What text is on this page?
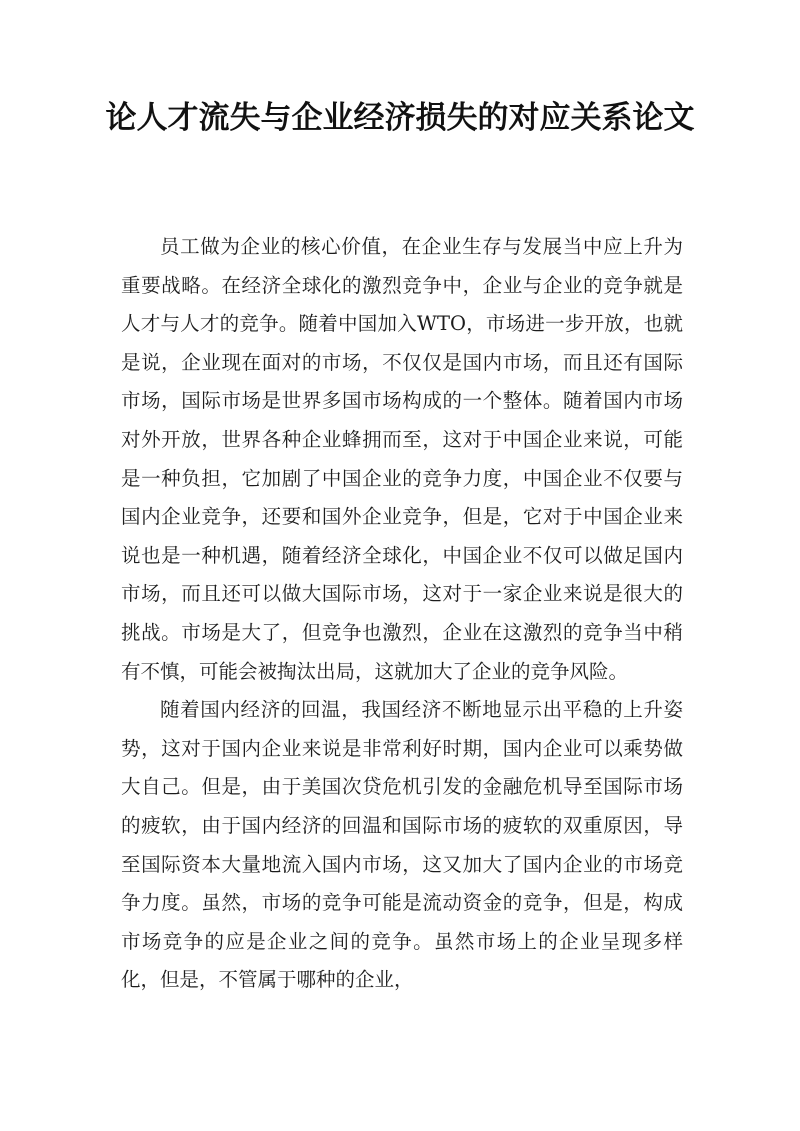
论人才流失与企业经济损失的对应关系论文

员工做为企业的核心价值，在企业生存与发展当中应上升为重要战略。在经济全球化的激烈竞争中，企业与企业的竞争就是人才与人才的竞争。随着中国加入WTO，市场进一步开放，也就是说，企业现在面对的市场，不仅仅是国内市场，而且还有国际市场，国际市场是世界多国市场构成的一个整体。随着国内市场对外开放，世界各种企业蜂拥而至，这对于中国企业来说，可能是一种负担，它加剧了中国企业的竞争力度，中国企业不仅要与国内企业竞争，还要和国外企业竞争，但是，它对于中国企业来说也是一种机遇，随着经济全球化，中国企业不仅可以做足国内市场，而且还可以做大国际市场，这对于一家企业来说是很大的挑战。市场是大了，但竞争也激烈，企业在这激烈的竞争当中稍有不慎，可能会被掏汰出局，这就加大了企业的竞争风险。

随着国内经济的回温，我国经济不断地显示出平稳的上升姿势，这对于国内企业来说是非常利好时期，国内企业可以乘势做大自己。但是，由于美国次贷危机引发的金融危机导至国际市场的疲软，由于国内经济的回温和国际市场的疲软的双重原因，导至国际资本大量地流入国内市场，这又加大了国内企业的市场竞争力度。虽然，市场的竞争可能是流动资金的竞争，但是，构成市场竞争的应是企业之间的竞争。虽然市场上的企业呈现多样化，但是，不管属于哪种的企业，
